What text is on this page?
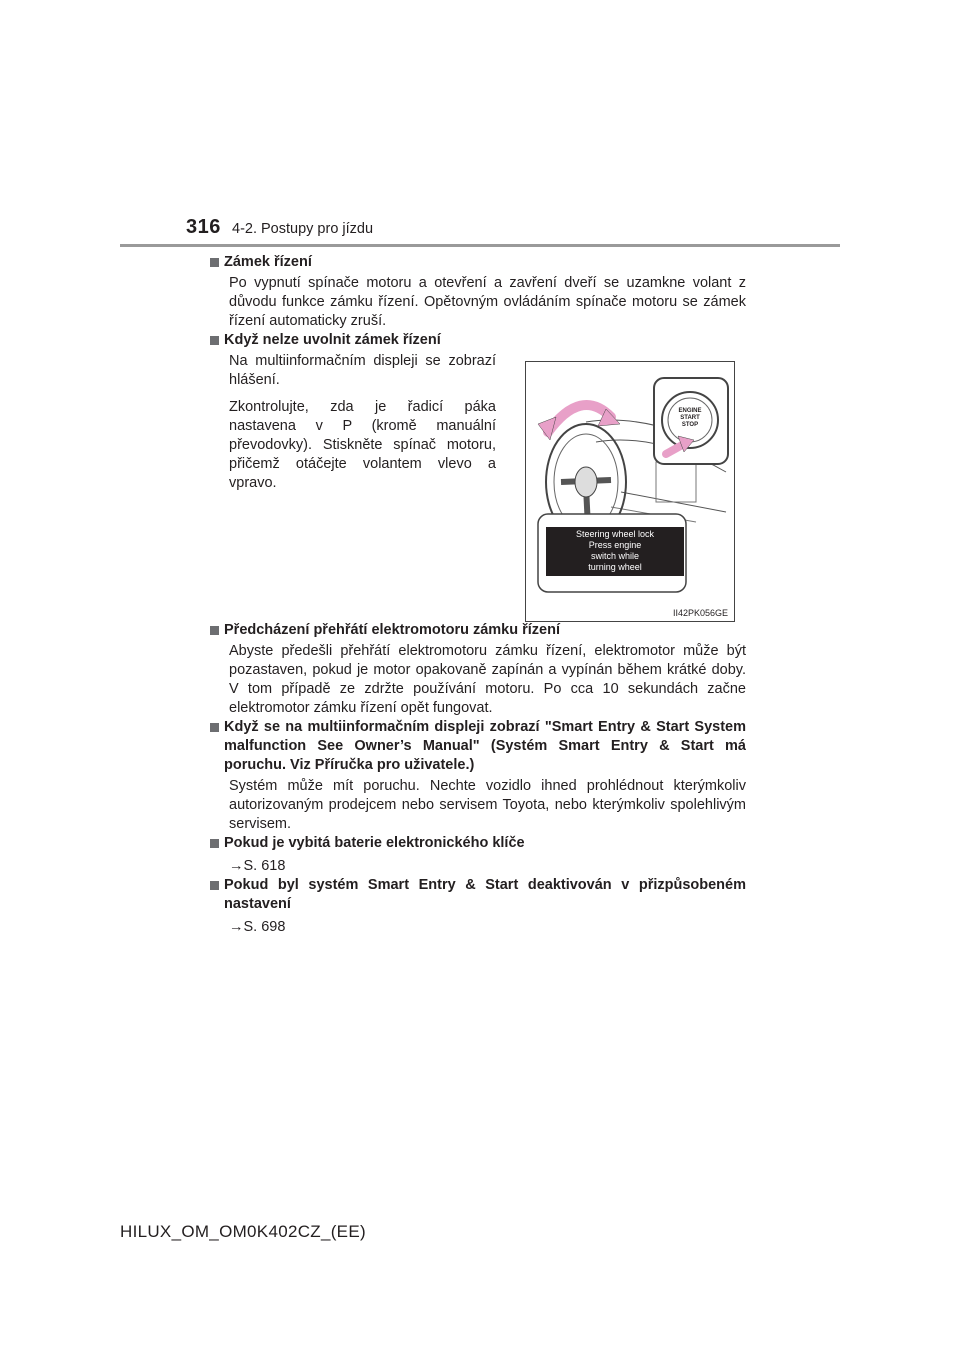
316 4-2. Postupy pro jízdu
Zámek řízení
Po vypnutí spínače motoru a otevření a zavření dveří se uzamkne volant z důvodu funkce zámku řízení. Opětovným ovládáním spínače motoru se zámek řízení automaticky zruší.
Když nelze uvolnit zámek řízení
Na multiinformačním displeji se zobrazí hlášení.
Zkontrolujte, zda je řadicí páka nastavena v P (kromě manuální převodovky). Stiskněte spínač motoru, přičemž otáčejte volantem vlevo a vpravo.
Předcházení přehřátí elektromotoru zámku řízení
Abyste předešli přehřátí elektromotoru zámku řízení, elektromotor může být pozastaven, pokud je motor opakovaně zapínán a vypínán během krátké doby. V tom případě ze zdržte používání motoru. Po cca 10 sekundách začne elektromotor zámku řízení opět fungovat.
Když se na multiinformačním displeji zobrazí "Smart Entry & Start System malfunction See Owner’s Manual" (Systém Smart Entry & Start má poruchu. Viz Příručka pro uživatele.)
Systém může mít poruchu. Nechte vozidlo ihned prohlédnout kterýmkoliv autorizovaným prodejcem nebo servisem Toyota, nebo kterýmkoliv spolehlivým servisem.
Pokud je vybitá baterie elektronického klíče
→S. 618
Pokud byl systém Smart Entry & Start deaktivován v přizpůsobeném nastavení
→S. 698
ENGINE
START
STOP
Steering wheel lock
Press engine
switch while
turning wheel
II42PK056GE
HILUX_OM_OM0K402CZ_(EE)
